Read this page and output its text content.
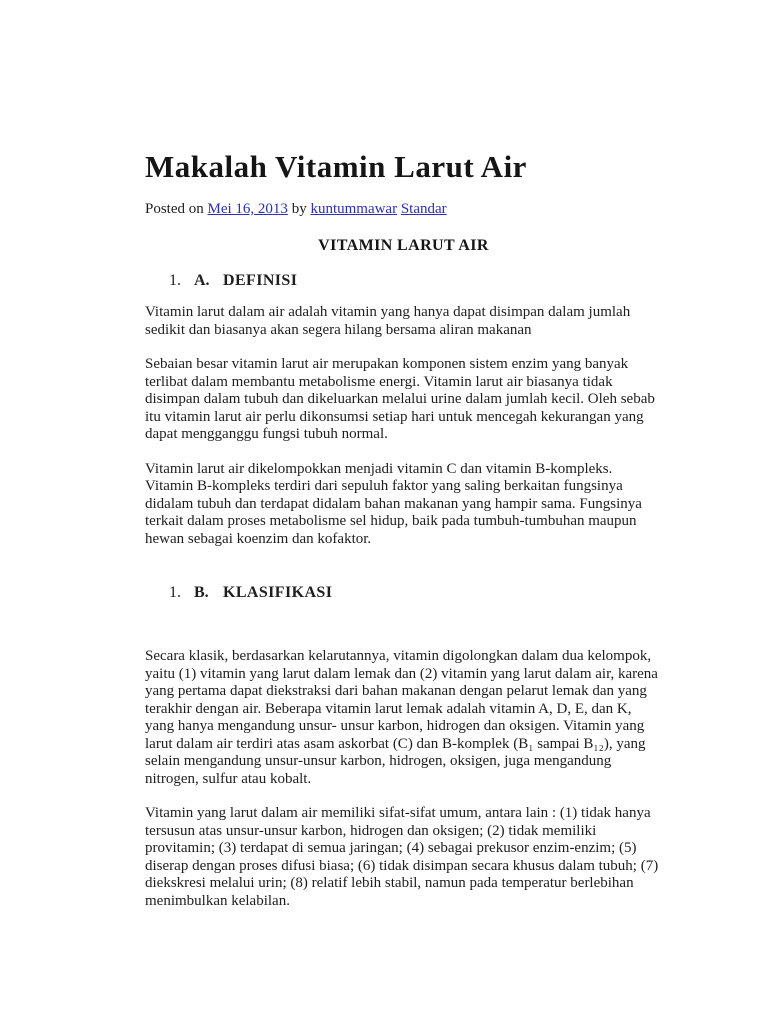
Makalah Vitamin Larut Air

Posted on Mei 16, 2013 by kuntummawar Standar

VITAMIN LARUT AIR
1. A. DEFINISI

Vitamin larut dalam air adalah vitamin yang hanya dapat disimpan dalam jumlah sedikit dan biasanya akan segera hilang bersama aliran makanan

Sebaian besar vitamin larut air merupakan komponen sistem enzim yang banyak terlibat dalam membantu metabolisme energi. Vitamin larut air biasanya tidak disimpan dalam tubuh dan dikeluarkan melalui urine dalam jumlah kecil. Oleh sebab itu vitamin larut air perlu dikonsumsi setiap hari untuk mencegah kekurangan yang dapat mengganggu fungsi tubuh normal.

Vitamin larut air dikelompokkan menjadi vitamin C dan vitamin B-kompleks. Vitamin B-kompleks terdiri dari sepuluh faktor yang saling berkaitan fungsinya didalam tubuh dan terdapat didalam bahan makanan yang hampir sama. Fungsinya terkait dalam proses metabolisme sel hidup, baik pada tumbuh-tumbuhan maupun hewan sebagai koenzim dan kofaktor.

1. B. KLASIFIKASI

Secara klasik, berdasarkan kelarutannya, vitamin digolongkan dalam dua kelompok, yaitu (1) vitamin yang larut dalam lemak dan (2) vitamin yang larut dalam air, karena yang pertama dapat diekstraksi dari bahan makanan dengan pelarut lemak dan yang terakhir dengan air. Beberapa vitamin larut lemak adalah vitamin A, D, E, dan K, yang hanya mengandung unsur- unsur karbon, hidrogen dan oksigen. Vitamin yang larut dalam air terdiri atas asam askorbat (C) dan B-komplek (B₁ sampai B₁₂), yang selain mengandung unsur-unsur karbon, hidrogen, oksigen, juga mengandung nitrogen, sulfur atau kobalt.

Vitamin yang larut dalam air memiliki sifat-sifat umum, antara lain : (1) tidak hanya tersusun atas unsur-unsur karbon, hidrogen dan oksigen; (2) tidak memiliki provitamin; (3) terdapat di semua jaringan; (4) sebagai prekusor enzim-enzim; (5) diserap dengan proses difusi biasa; (6) tidak disimpan secara khusus dalam tubuh; (7) diekskresi melalui urin; (8) relatif lebih stabil, namun pada temperatur berlebihan menimbulkan kelabilan.
